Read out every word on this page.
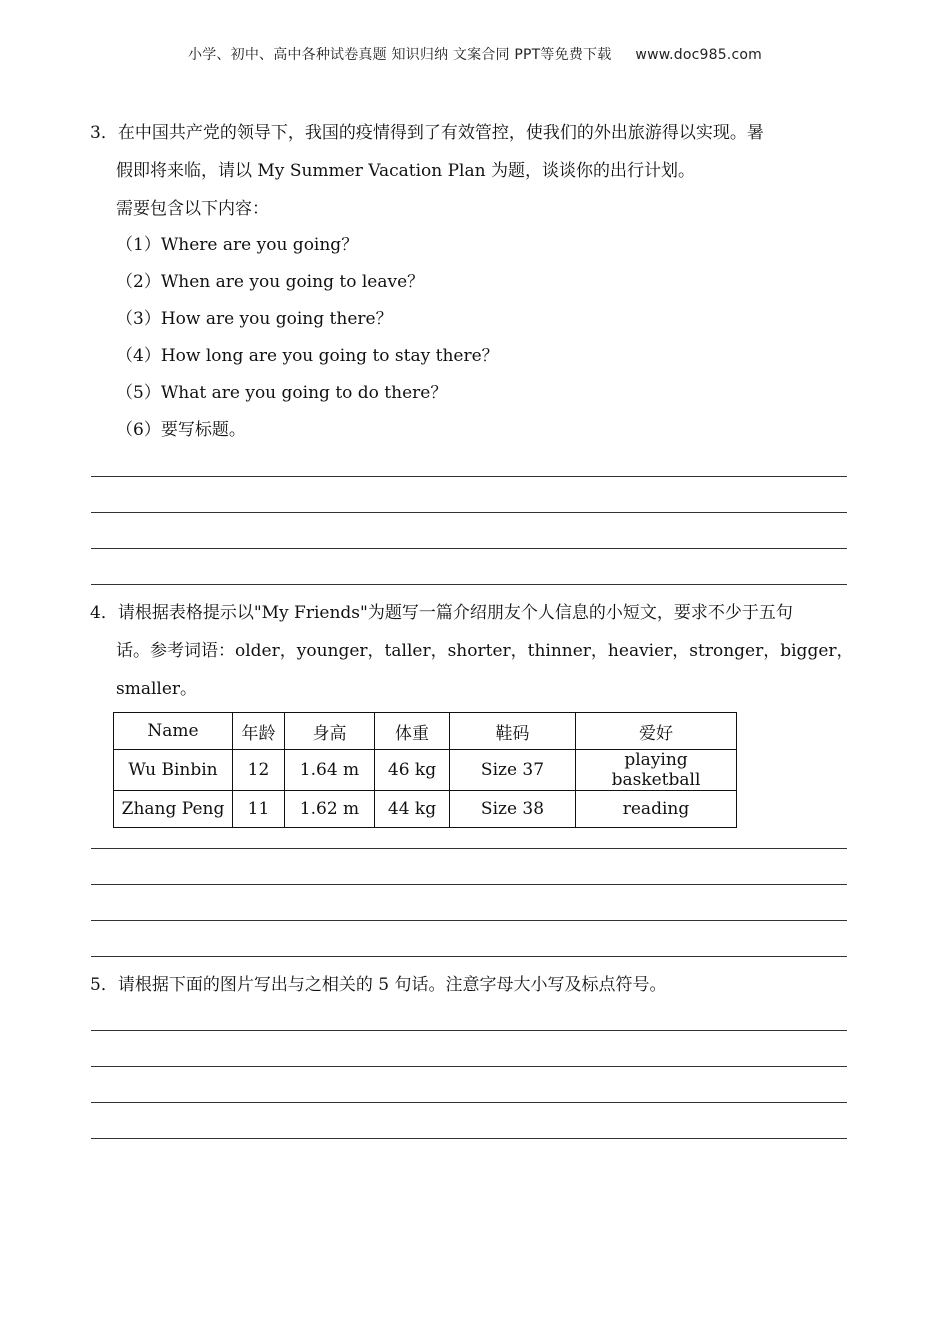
小学、初中、高中各种试卷真题 知识归纳 文案合同 PPT等免费下载 www.doc985.com
3．在中国共产党的领导下，我国的疫情得到了有效管控，使我们的外出旅游得以实现。暑
假即将来临，请以 My Summer Vacation Plan 为题，谈谈你的出行计划。
需要包含以下内容：
（1）Where are you going？
（2）When are you going to leave？
（3）How are you going there？
（4）How long are you going to stay there？
（5）What are you going to do there？
（6）要写标题。
4．请根据表格提示以"My Friends"为题写一篇介绍朋友个人信息的小短文，要求不少于五句
话。参考词语：older，younger，taller，shorter，thinner，heavier，stronger，bigger，
smaller。
Name	年龄	身高	体重	鞋码	爱好
Wu Binbin	12	1.64 m	46 kg	Size 37	playing basketball
Zhang Peng	11	1.62 m	44 kg	Size 38	reading
5．请根据下面的图片写出与之相关的 5 句话。注意字母大小写及标点符号。
